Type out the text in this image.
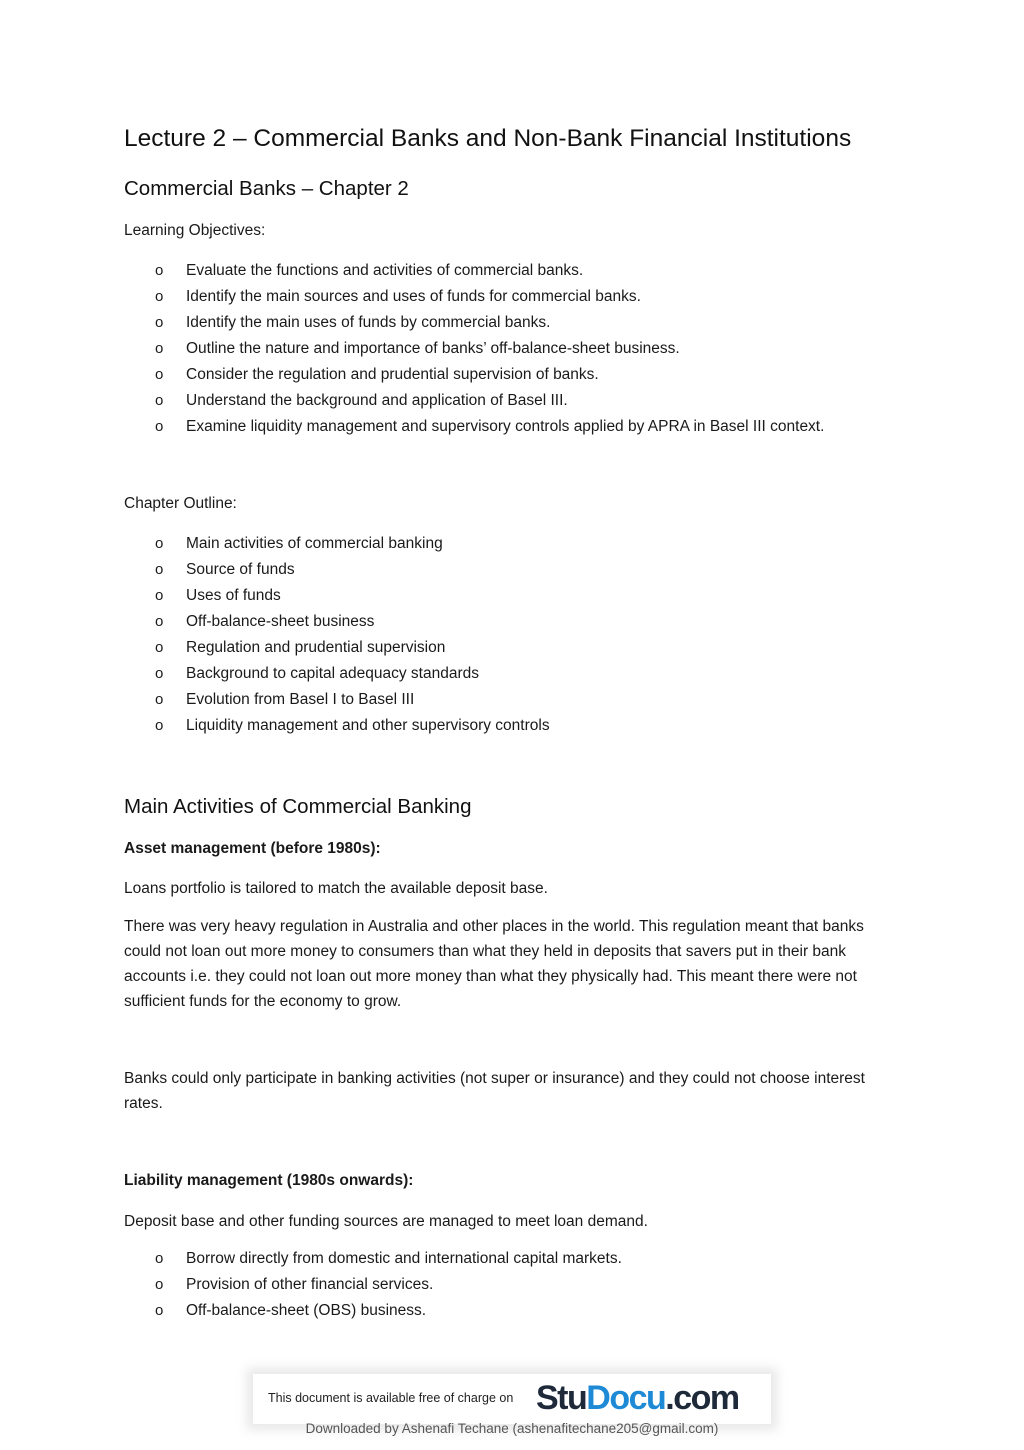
Lecture 2 – Commercial Banks and Non-Bank Financial Institutions
Commercial Banks – Chapter 2

Learning Objectives:

o Evaluate the functions and activities of commercial banks.
o Identify the main sources and uses of funds for commercial banks.
o Identify the main uses of funds by commercial banks.
o Outline the nature and importance of banks’ off-balance-sheet business.
o Consider the regulation and prudential supervision of banks.
o Understand the background and application of Basel III.
o Examine liquidity management and supervisory controls applied by APRA in Basel III context.

Chapter Outline:

o Main activities of commercial banking
o Source of funds
o Uses of funds
o Off-balance-sheet business
o Regulation and prudential supervision
o Background to capital adequacy standards
o Evolution from Basel I to Basel III
o Liquidity management and other supervisory controls
Main Activities of Commercial Banking

Asset management (before 1980s):

Loans portfolio is tailored to match the available deposit base.

There was very heavy regulation in Australia and other places in the world. This regulation meant that banks could not loan out more money to consumers than what they held in deposits that savers put in their bank accounts i.e. they could not loan out more money than what they physically had. This meant there were not sufficient funds for the economy to grow.

Banks could only participate in banking activities (not super or insurance) and they could not choose interest rates.

Liability management (1980s onwards):

Deposit base and other funding sources are managed to meet loan demand.

o Borrow directly from domestic and international capital markets.
o Provision of other financial services.
o Off-balance-sheet (OBS) business.
This document is available free of charge on StuDocu.com
Downloaded by Ashenafi Techane (ashenafitechane205@gmail.com)
